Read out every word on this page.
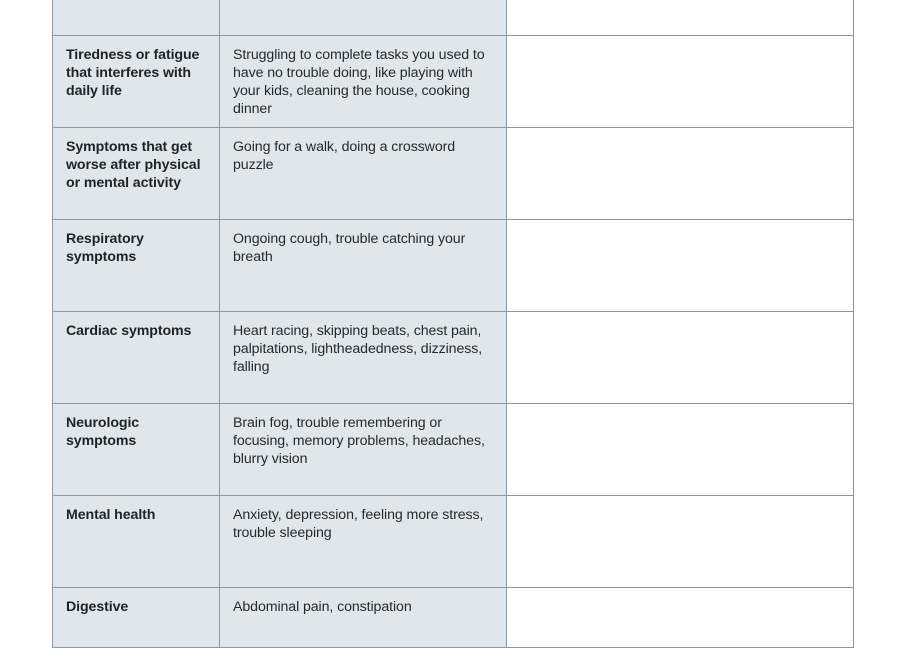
Tiredness or fatigue that interferes with daily life	Struggling to complete tasks you used to have no trouble doing, like playing with your kids, cleaning the house, cooking dinner	

Symptoms that get worse after physical or mental activity	Going for a walk, doing a crossword puzzle	

Respiratory symptoms	Ongoing cough, trouble catching your breath	

Cardiac symptoms	Heart racing, skipping beats, chest pain, palpitations, lightheadedness, dizziness, falling	

Neurologic symptoms	Brain fog, trouble remembering or focusing, memory problems, headaches, blurry vision	

Mental health	Anxiety, depression, feeling more stress, trouble sleeping	

Digestive	Abdominal pain, constipation	
